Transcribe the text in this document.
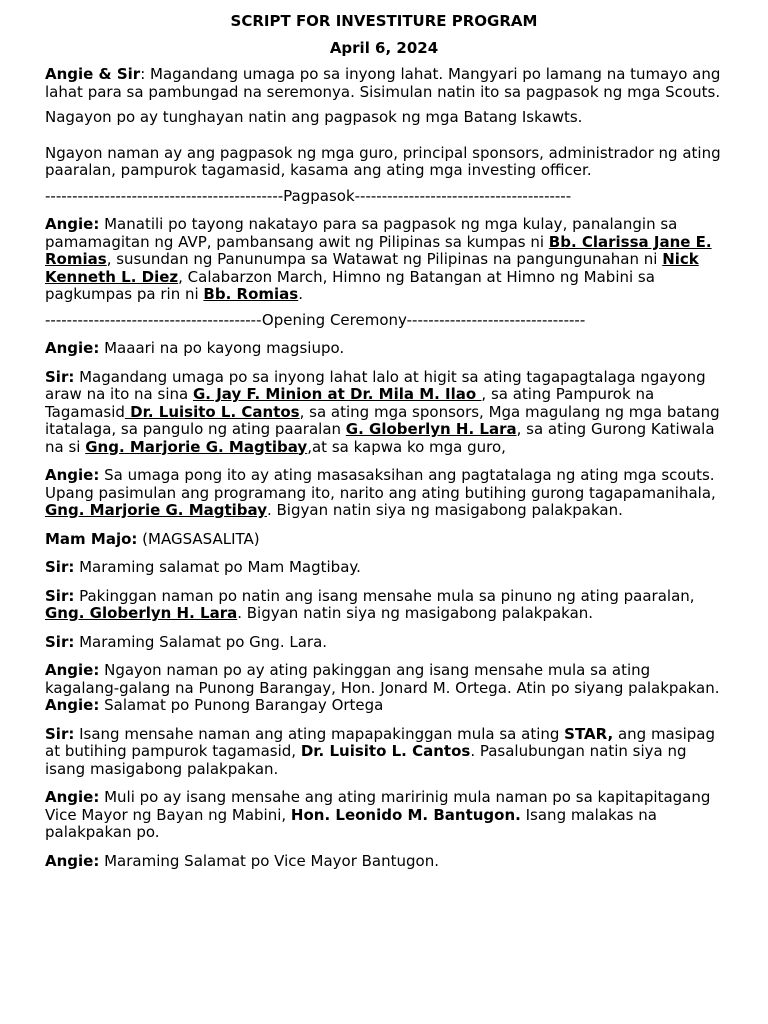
SCRIPT FOR INVESTITURE PROGRAM
April 6, 2024

Angie & Sir: Magandang umaga po sa inyong lahat. Mangyari po lamang na tumayo ang lahat para sa pambungad na seremonya. Sisimulan natin ito sa pagpasok ng mga Scouts.

Nagayon po ay tunghayan natin ang pagpasok ng mga Batang Iskawts.

Ngayon naman ay ang pagpasok ng mga guro, principal sponsors, administrador ng ating paaralan, pampurok tagamasid, kasama ang ating mga investing officer.

--------------------------------------------Pagpasok----------------------------------------

Angie: Manatili po tayong nakatayo para sa pagpasok ng mga kulay, panalangin sa pamamagitan ng AVP, pambansang awit ng Pilipinas sa kumpas ni Bb. Clarissa Jane E. Romias, susundan ng Panunumpa sa Watawat ng Pilipinas na pangungunahan ni Nick Kenneth L. Diez, Calabarzon March, Himno ng Batangan at Himno ng Mabini sa pagkumpas pa rin ni Bb. Romias.

----------------------------------------Opening Ceremony---------------------------------

Angie: Maaari na po kayong magsiupo.

Sir: Magandang umaga po sa inyong lahat lalo at higit sa ating tagapagtalaga ngayong araw na ito na sina G. Jay F. Minion at Dr. Mila M. Ilao , sa ating Pampurok na Tagamasid Dr. Luisito L. Cantos, sa ating mga sponsors, Mga magulang ng mga batang itatalaga, sa pangulo ng ating paaralan G. Globerlyn H. Lara, sa ating Gurong Katiwala na si Gng. Marjorie G. Magtibay,at sa kapwa ko mga guro,

Angie: Sa umaga pong ito ay ating masasaksihan ang pagtatalaga ng ating mga scouts. Upang pasimulan ang programang ito, narito ang ating butihing gurong tagapamanihala, Gng. Marjorie G. Magtibay. Bigyan natin siya ng masigabong palakpakan.

Mam Majo: (MAGSASALITA)

Sir: Maraming salamat po Mam Magtibay.

Sir: Pakinggan naman po natin ang isang mensahe mula sa pinuno ng ating paaralan, Gng. Globerlyn H. Lara. Bigyan natin siya ng masigabong palakpakan.

Sir: Maraming Salamat po Gng. Lara.

Angie: Ngayon naman po ay ating pakinggan ang isang mensahe mula sa ating kagalang-galang na Punong Barangay, Hon. Jonard M. Ortega. Atin po siyang palakpakan.

Angie: Salamat po Punong Barangay Ortega

Sir: Isang mensahe naman ang ating mapapakinggan mula sa ating STAR, ang masipag at butihing pampurok tagamasid, Dr. Luisito L. Cantos. Pasalubungan natin siya ng isang masigabong palakpakan.

Angie: Muli po ay isang mensahe ang ating maririnig mula naman po sa kapitapitagang Vice Mayor ng Bayan ng Mabini, Hon. Leonido M. Bantugon. Isang malakas na palakpakan po.

Angie: Maraming Salamat po Vice Mayor Bantugon.
